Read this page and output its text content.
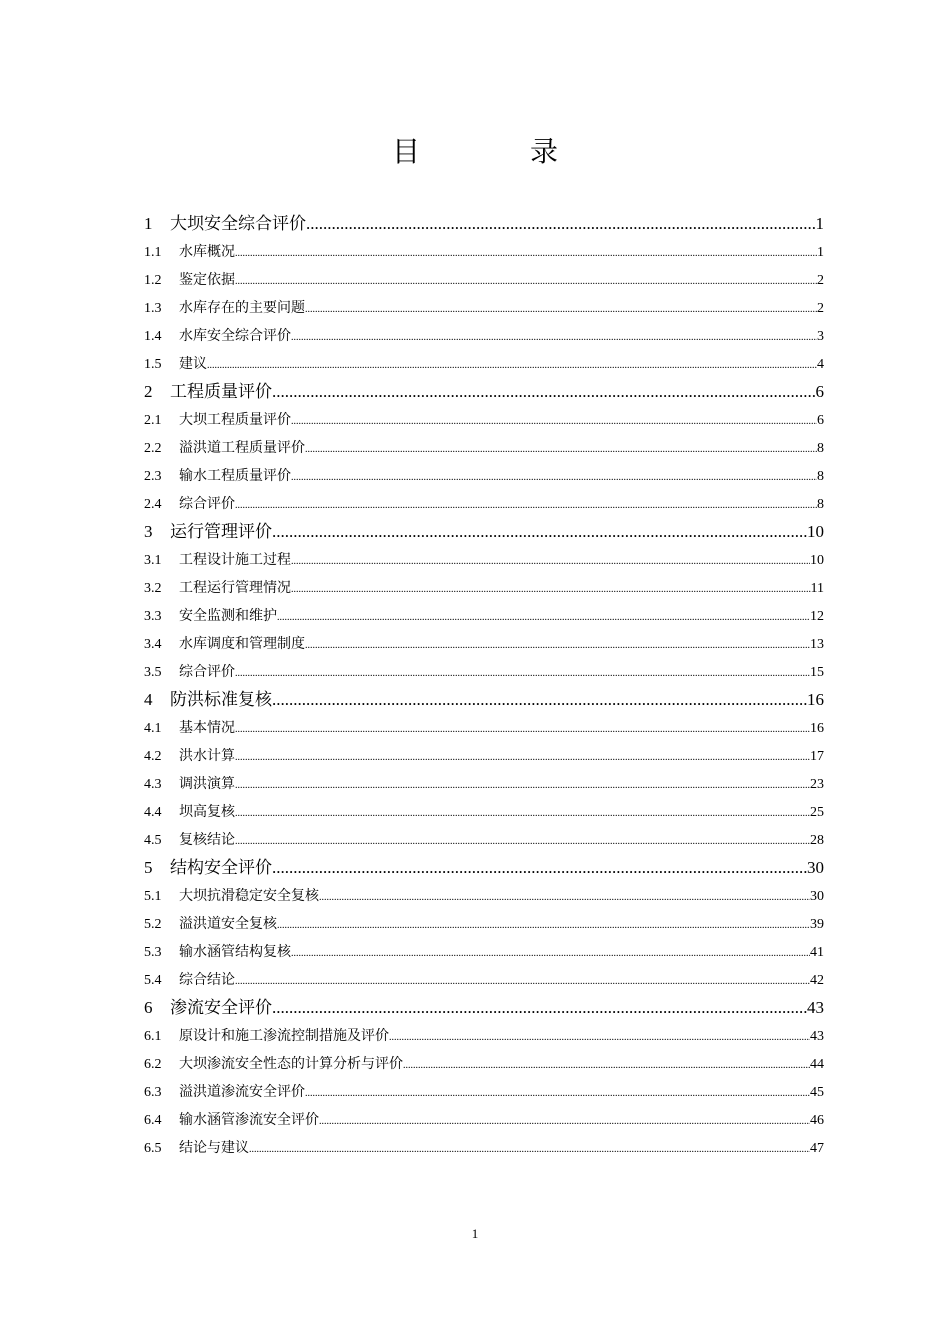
目	录
1	大坝安全综合评价 .....	1
1.1	水库概况 .....	1
1.2	鉴定依据 .....	2
1.3	水库存在的主要问题 .....	2
1.4	水库安全综合评价 .....	3
1.5	建议 .....	4
2	工程质量评价 .....	6
2.1	大坝工程质量评价 .....	6
2.2	溢洪道工程质量评价 .....	8
2.3	输水工程质量评价 .....	8
2.4	综合评价 .....	8
3	运行管理评价 .....	10
3.1	工程设计施工过程 .....	10
3.2	工程运行管理情况 .....	11
3.3	安全监测和维护 .....	12
3.4	水库调度和管理制度 .....	13
3.5	综合评价 .....	15
4	防洪标准复核 .....	16
4.1	基本情况 .....	16
4.2	洪水计算 .....	17
4.3	调洪演算 .....	23
4.4	坝高复核 .....	25
4.5	复核结论 .....	28
5	结构安全评价 .....	30
5.1	大坝抗滑稳定安全复核 .....	30
5.2	溢洪道安全复核 .....	39
5.3	输水涵管结构复核 .....	41
5.4	综合结论 .....	42
6	渗流安全评价 .....	43
6.1	原设计和施工渗流控制措施及评价 .....	43
6.2	大坝渗流安全性态的计算分析与评价 .....	44
6.3	溢洪道渗流安全评价 .....	45
6.4	输水涵管渗流安全评价 .....	46
6.5	结论与建议 .....	47
1
